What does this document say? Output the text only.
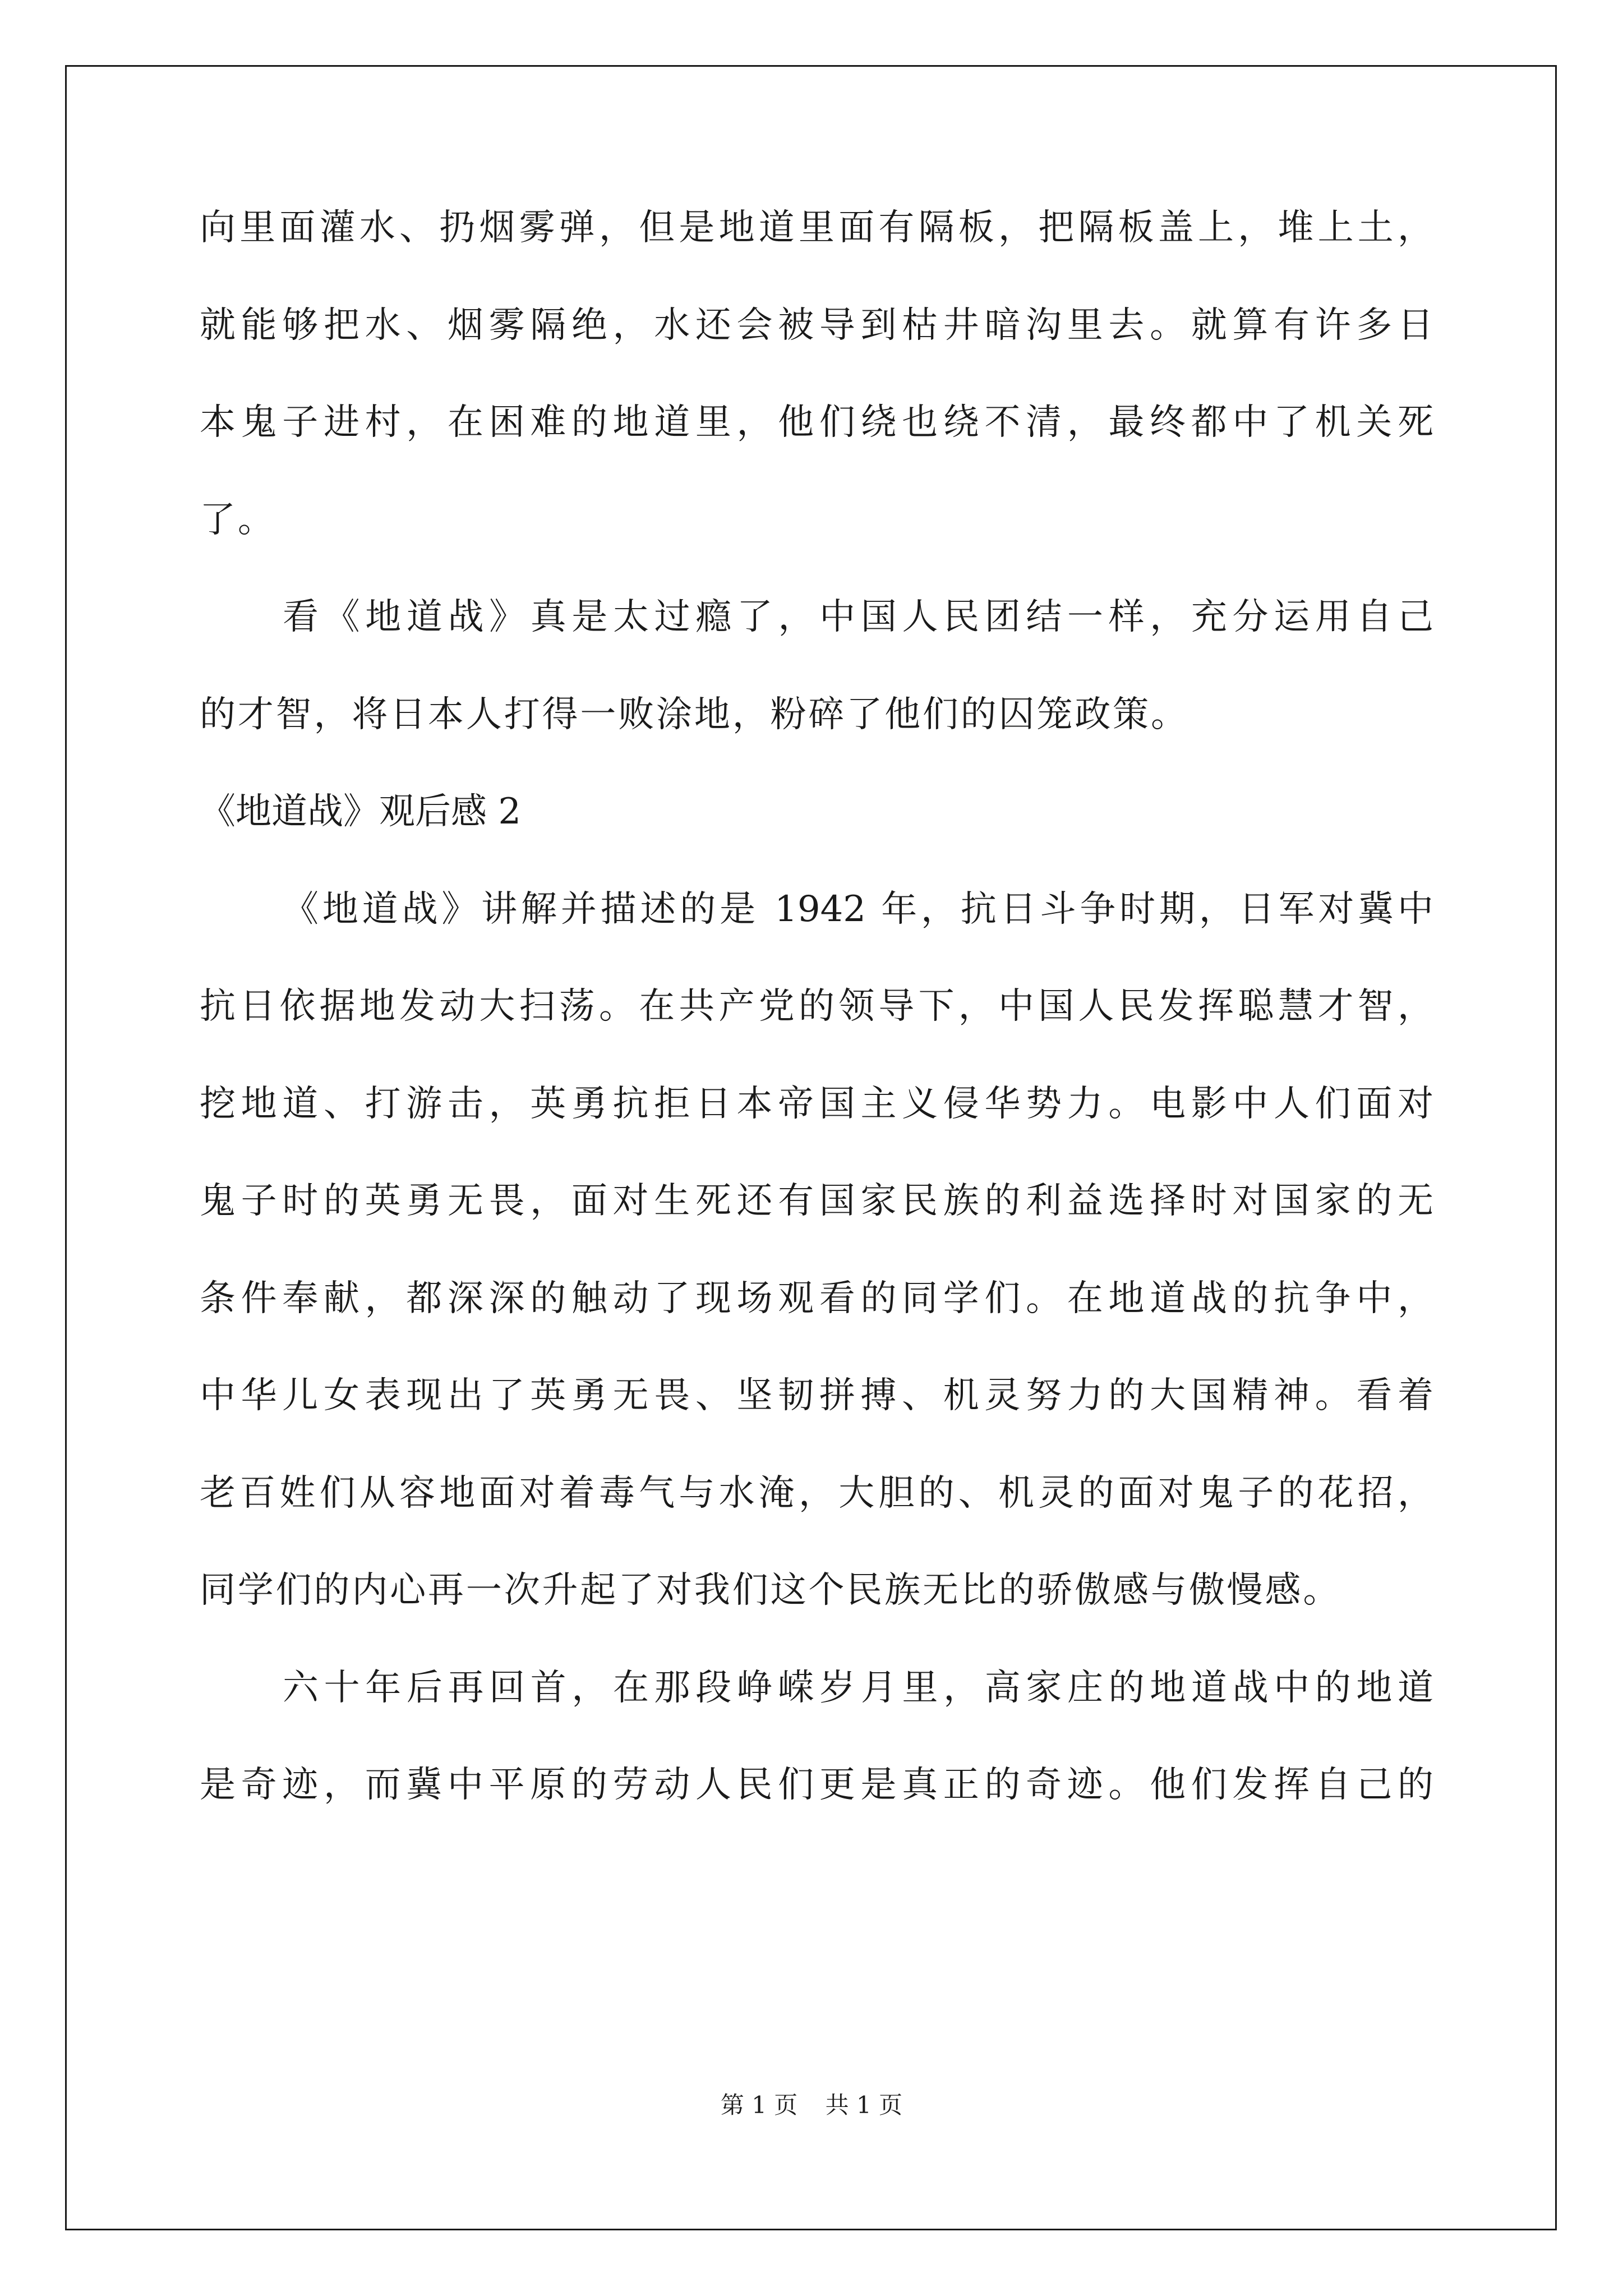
向里面灌水、扔烟雾弹，但是地道里面有隔板，把隔板盖上，堆上土，
就能够把水、烟雾隔绝，水还会被导到枯井暗沟里去。就算有许多日
本鬼子进村，在困难的地道里，他们绕也绕不清，最终都中了机关死
了。
看《地道战》真是太过瘾了，中国人民团结一样，充分运用自己
的才智，将日本人打得一败涂地，粉碎了他们的囚笼政策。
《地道战》观后感 2
《地道战》讲解并描述的是 1942 年，抗日斗争时期，日军对冀中
抗日依据地发动大扫荡。在共产党的领导下，中国人民发挥聪慧才智，
挖地道、打游击，英勇抗拒日本帝国主义侵华势力。电影中人们面对
鬼子时的英勇无畏，面对生死还有国家民族的利益选择时对国家的无
条件奉献，都深深的触动了现场观看的同学们。在地道战的抗争中，
中华儿女表现出了英勇无畏、坚韧拼搏、机灵努力的大国精神。看着
老百姓们从容地面对着毒气与水淹，大胆的、机灵的面对鬼子的花招，
同学们的内心再一次升起了对我们这个民族无比的骄傲感与傲慢感。
六十年后再回首，在那段峥嵘岁月里，高家庄的地道战中的地道
是奇迹，而冀中平原的劳动人民们更是真正的奇迹。他们发挥自己的
第 1 页 共 1 页
